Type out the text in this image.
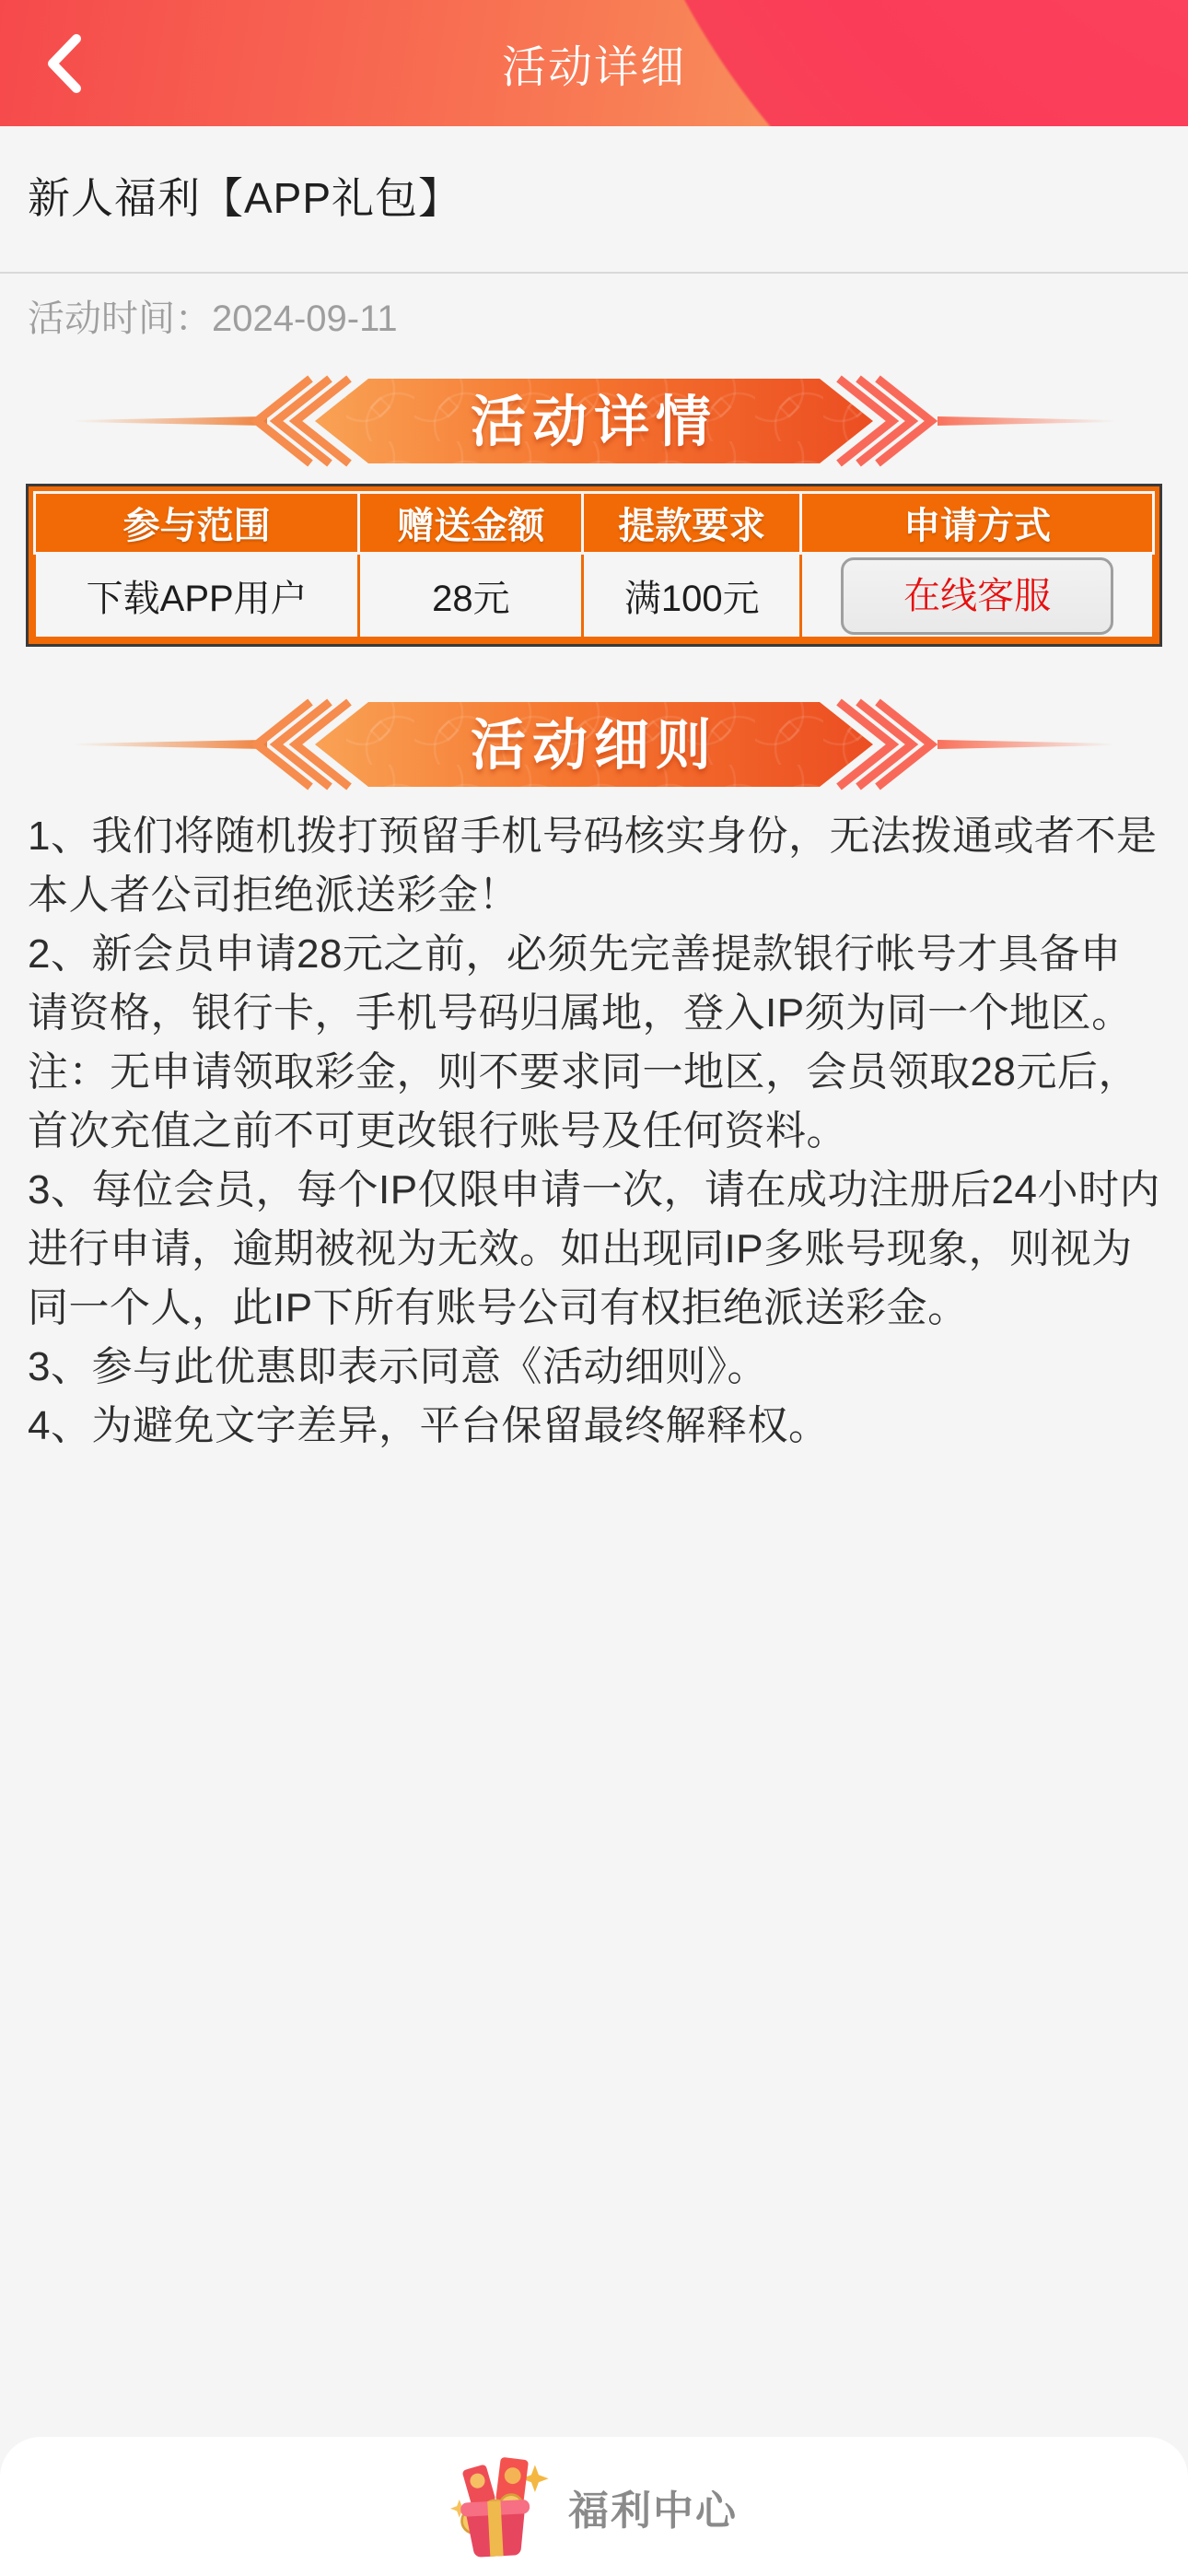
活动详细
新人福利【APP礼包】

活动时间：2024-09-11

活动详情
参与范围	赠送金额	提款要求	申请方式
下载APP用户	28元	满100元	在线客服
活动细则

1、我们将随机拨打预留手机号码核实身份，无法拨通或者不是本人者公司拒绝派送彩金！

2、新会员申请28元之前，必须先完善提款银行帐号才具备申请资格，银行卡，手机号码归属地，登入IP须为同一个地区。注：无申请领取彩金，则不要求同一地区，会员领取28元后，首次充值之前不可更改银行账号及任何资料。

3、每位会员，每个IP仅限申请一次，请在成功注册后24小时内进行申请，逾期被视为无效。如出现同IP多账号现象，则视为同一个人，此IP下所有账号公司有权拒绝派送彩金。

3、参与此优惠即表示同意《活动细则》。

4、为避免文字差异，平台保留最终解释权。

福利中心
